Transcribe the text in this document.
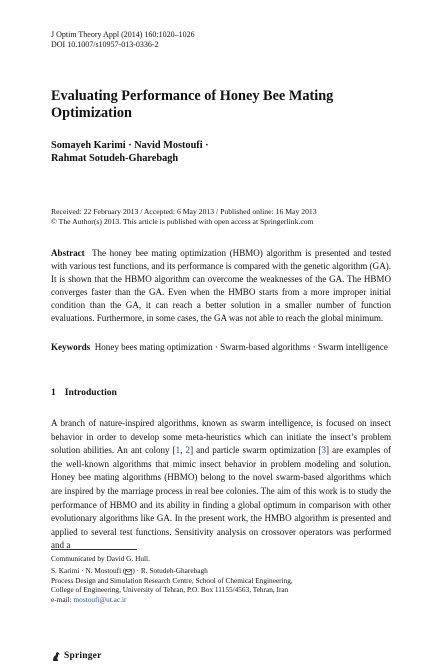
J Optim Theory Appl (2014) 160:1020–1026
DOI 10.1007/s10957-013-0336-2
Evaluating Performance of Honey Bee Mating Optimization
Somayeh Karimi · Navid Mostoufi ·
Rahmat Sotudeh-Gharebagh
Received: 22 February 2013 / Accepted: 6 May 2013 / Published online: 16 May 2013
© The Author(s) 2013. This article is published with open access at Springerlink.com

Abstract The honey bee mating optimization (HBMO) algorithm is presented and tested with various test functions, and its performance is compared with the genetic algorithm (GA). It is shown that the HBMO algorithm can overcome the weaknesses of the GA. The HBMO converges faster than the GA. Even when the HMBO starts from a more improper initial condition than the GA, it can reach a better solution in a smaller number of function evaluations. Furthermore, in some cases, the GA was not able to reach the global minimum.

Keywords Honey bees mating optimization · Swarm-based algorithms · Swarm intelligence

1 Introduction

A branch of nature-inspired algorithms, known as swarm intelligence, is focused on insect behavior in order to develop some meta-heuristics which can initiate the insect’s problem solution abilities. An ant colony [1, 2] and particle swarm optimization [3] are examples of the well-known algorithms that mimic insect behavior in problem modeling and solution. Honey bee mating algorithms (HBMO) belong to the novel swarm-based algorithms which are inspired by the marriage process in real bee colonies. The aim of this work is to study the performance of HBMO and its ability in finding a global optimum in comparison with other evolutionary algorithms like GA. In the present work, the HMBO algorithm is presented and applied to several test functions. Sensitivity analysis on crossover operators was performed and a

Communicated by David G. Hull.
S. Karimi · N. Mostoufi ( ) · R. Sotudeh-Gharebagh
Process Design and Simulation Research Centre, School of Chemical Engineering,
College of Engineering, University of Tehran, P.O. Box 11155/4563, Tehran, Iran
e-mail: mostoufi@ut.ac.ir
Springer
